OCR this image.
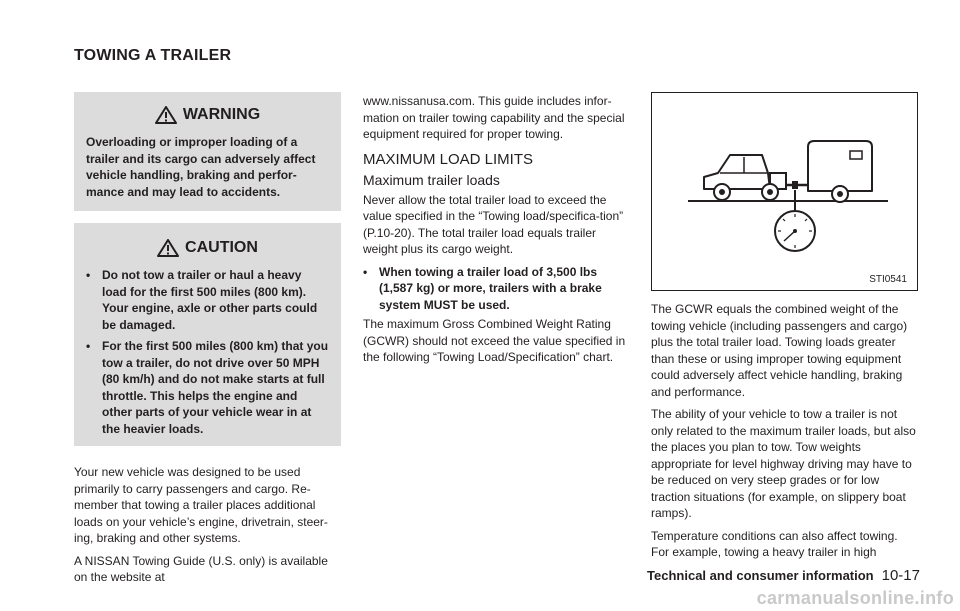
TOWING A TRAILER
WARNING
Overloading or improper loading of a trailer and its cargo can adversely affect vehicle handling, braking and perfor-mance and may lead to accidents.
CAUTION
• Do not tow a trailer or haul a heavy load for the first 500 miles (800 km). Your engine, axle or other parts could be damaged.
• For the first 500 miles (800 km) that you tow a trailer, do not drive over 50 MPH (80 km/h) and do not make starts at full throttle. This helps the engine and other parts of your vehicle wear in at the heavier loads.

Your new vehicle was designed to be used primarily to carry passengers and cargo. Re-member that towing a trailer places additional loads on your vehicle’s engine, drivetrain, steer-ing, braking and other systems.

A NISSAN Towing Guide (U.S. only) is available on the website at

www.nissanusa.com. This guide includes infor-mation on trailer towing capability and the special equipment required for proper towing.

MAXIMUM LOAD LIMITS
Maximum trailer loads

Never allow the total trailer load to exceed the value specified in the “Towing load/specifica-tion” (P.10-20). The total trailer load equals trailer weight plus its cargo weight.

• When towing a trailer load of 3,500 lbs (1,587 kg) or more, trailers with a brake system MUST be used.

The maximum Gross Combined Weight Rating (GCWR) should not exceed the value specified in the following “Towing Load/Specification” chart.

STI0541

The GCWR equals the combined weight of the towing vehicle (including passengers and cargo) plus the total trailer load. Towing loads greater than these or using improper towing equipment could adversely affect vehicle handling, braking and performance.

The ability of your vehicle to tow a trailer is not only related to the maximum trailer loads, but also the places you plan to tow. Tow weights appropriate for level highway driving may have to be reduced on very steep grades or for low traction situations (for example, on slippery boat ramps).

Temperature conditions can also affect towing. For example, towing a heavy trailer in high

Technical and consumer information 10-17
carmanualsonline.info
